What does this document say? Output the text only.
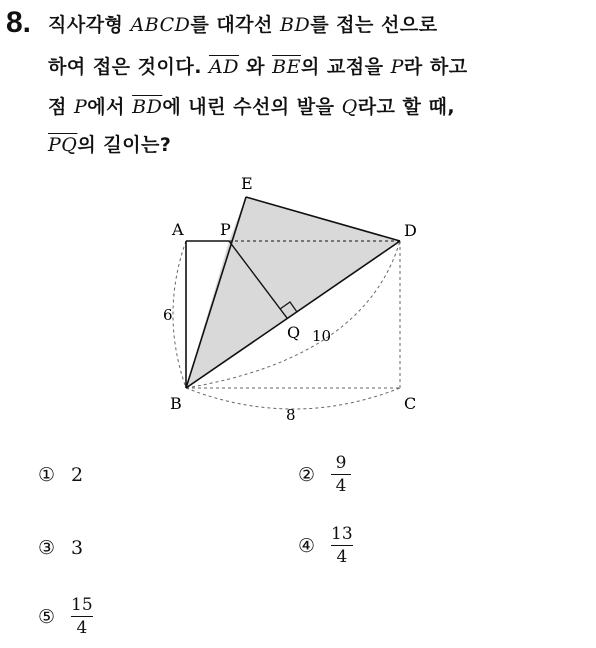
8. 직사각형 ABCD를 대각선 BD를 접는 선으로
하여 접은 것이다. $\overline{AD}$ 와 $\overline{BE}$의 교점을 P라 하고
점 P에서 $\overline{BD}$에 내린 수선의 발을 Q라고 할 때,
$\overline{PQ}$의 길이는?
E
A P	D
Q
B	C
6
10
8
① 2	② $\frac{9}{4}$
③ 3	④ $\frac{13}{4}$
⑤ $\frac{15}{4}$
